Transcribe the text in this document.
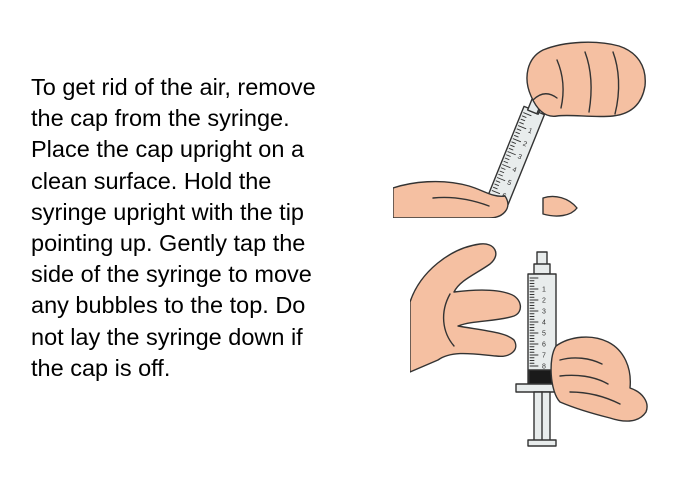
To get rid of the air, remove
the cap from the syringe.
Place the cap upright on a
clean surface. Hold the
syringe upright with the tip
pointing up. Gently tap the
side of the syringe to move
any bubbles to the top. Do
not lay the syringe down if
the cap is off.

1
2
3
4
5
1
2
3
4
5
6
7
8
